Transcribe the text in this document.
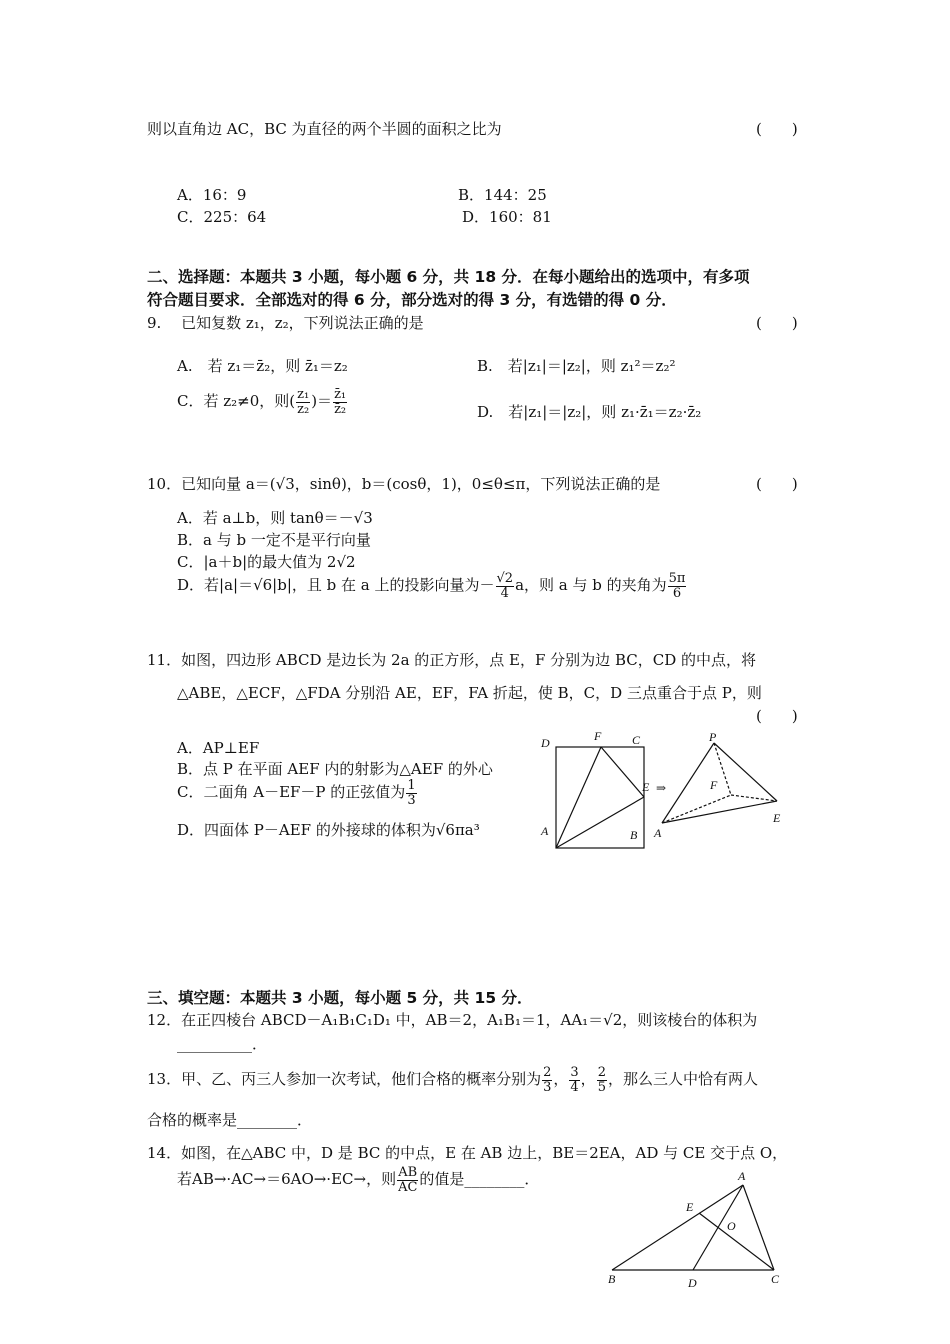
则以直角边 AC，BC 为直径的两个半圆的面积之比为	(　　)
A．16：9	B．144：25
C．225：64	D．160：81
二、选择题：本题共 3 小题，每小题 6 分，共 18 分．在每小题给出的选项中，有多项
符合题目要求．全部选对的得 6 分，部分选对的得 3 分，有选错的得 0 分．
9.　 已知复数 z₁，z₂，下列说法正确的是	(　　)
A.　若 z₁＝z̄₂，则 z̄₁＝z₂	B.　若|z₁|＝|z₂|，则 z₁²＝z₂²
C．若 z₂≠0，则( $\frac{\text{z₁}}{\text{z₂}}$ )＝ $\frac{\text{z̄₁}}{\text{z̄₂}}$	D.　若|z₁|＝|z₂|，则 z₁·z̄₁＝z₂·z̄₂
10．已知向量 a＝(√3，sinθ)，b＝(cosθ，1)，0≤θ≤π，下列说法正确的是	(　　)
A．若 a⊥b，则 tanθ＝－√3
B．a 与 b 一定不是平行向量
C．|a＋b|的最大值为 2√2
D．若|a|＝√6|b|，且 b 在 a 上的投影向量为－ $\frac{√2}{4}$ a，则 a 与 b 的夹角为 $\frac{5\pi}{6}$
11．如图，四边形 ABCD 是边长为 2a 的正方形，点 E，F 分别为边 BC，CD 的中点，将
△ABE，△ECF，△FDA 分别沿 AE，EF，FA 折起，使 B，C，D 三点重合于点 P，则
(　　)
A．AP⊥EF
B．点 P 在平面 AEF 内的射影为△AEF 的外心
C．二面角 A－EF－P 的正弦值为 $\frac{1}{3}$
D．四面体 P－AEF 的外接球的体积为√6πa³
D	F	C
E ⇒
A	B
P
F
A
E
三、填空题：本题共 3 小题，每小题 5 分，共 15 分．
12．在正四棱台 ABCD－A₁B₁C₁D₁ 中，AB＝2，A₁B₁＝1，AA₁＝√2，则该棱台的体积为
__________．
13．甲、乙、丙三人参加一次考试，他们合格的概率分别为 $\frac{2}{3}$ ， $\frac{3}{4}$ ， $\frac{2}{5}$ ，那么三人中恰有两人
合格的概率是________．
14．如图，在△ABC 中，D 是 BC 的中点，E 在 AB 边上，BE＝2EA，AD 与 CE 交于点 O，
若AB→·AC→＝6AO→·EC→，则 $\frac{AB}{AC}$ 的值是________．	A
E
O
B	D	C
